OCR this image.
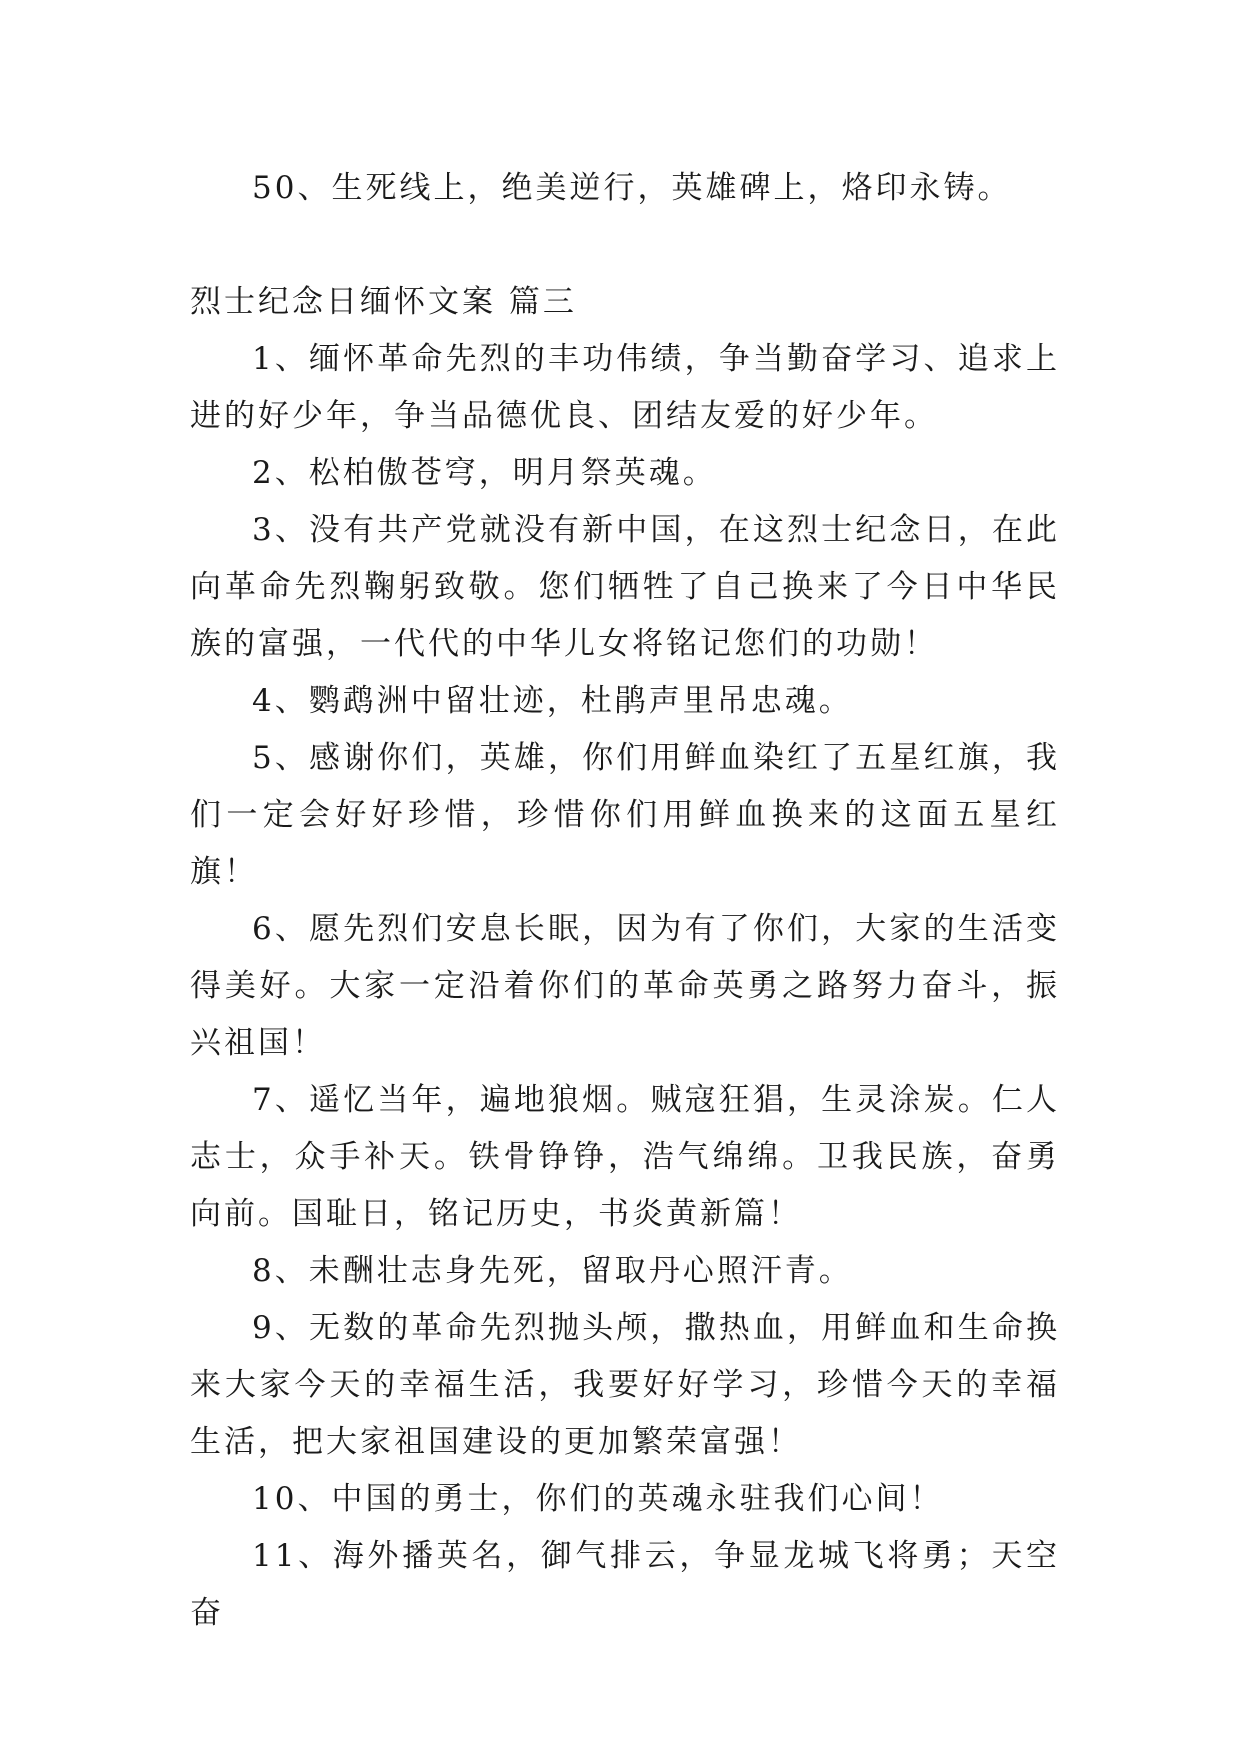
50、生死线上，绝美逆行，英雄碑上，烙印永铸。

烈士纪念日缅怀文案 篇三

1、缅怀革命先烈的丰功伟绩，争当勤奋学习、追求上进的好少年，争当品德优良、团结友爱的好少年。

2、松柏傲苍穹，明月祭英魂。

3、没有共产党就没有新中国，在这烈士纪念日，在此向革命先烈鞠躬致敬。您们牺牲了自己换来了今日中华民族的富强，一代代的中华儿女将铭记您们的功勋！

4、鹦鹉洲中留壮迹，杜鹃声里吊忠魂。

5、感谢你们，英雄，你们用鲜血染红了五星红旗，我们一定会好好珍惜，珍惜你们用鲜血换来的这面五星红旗！

6、愿先烈们安息长眠，因为有了你们，大家的生活变得美好。大家一定沿着你们的革命英勇之路努力奋斗，振兴祖国！

7、遥忆当年，遍地狼烟。贼寇狂猖，生灵涂炭。仁人志士，众手补天。铁骨铮铮，浩气绵绵。卫我民族，奋勇向前。国耻日，铭记历史，书炎黄新篇！

8、未酬壮志身先死，留取丹心照汗青。

9、无数的革命先烈抛头颅，撒热血，用鲜血和生命换来大家今天的幸福生活，我要好好学习，珍惜今天的幸福生活，把大家祖国建设的更加繁荣富强！

10、中国的勇士，你们的英魂永驻我们心间！

11、海外播英名，御气排云，争显龙城飞将勇；天空奋
